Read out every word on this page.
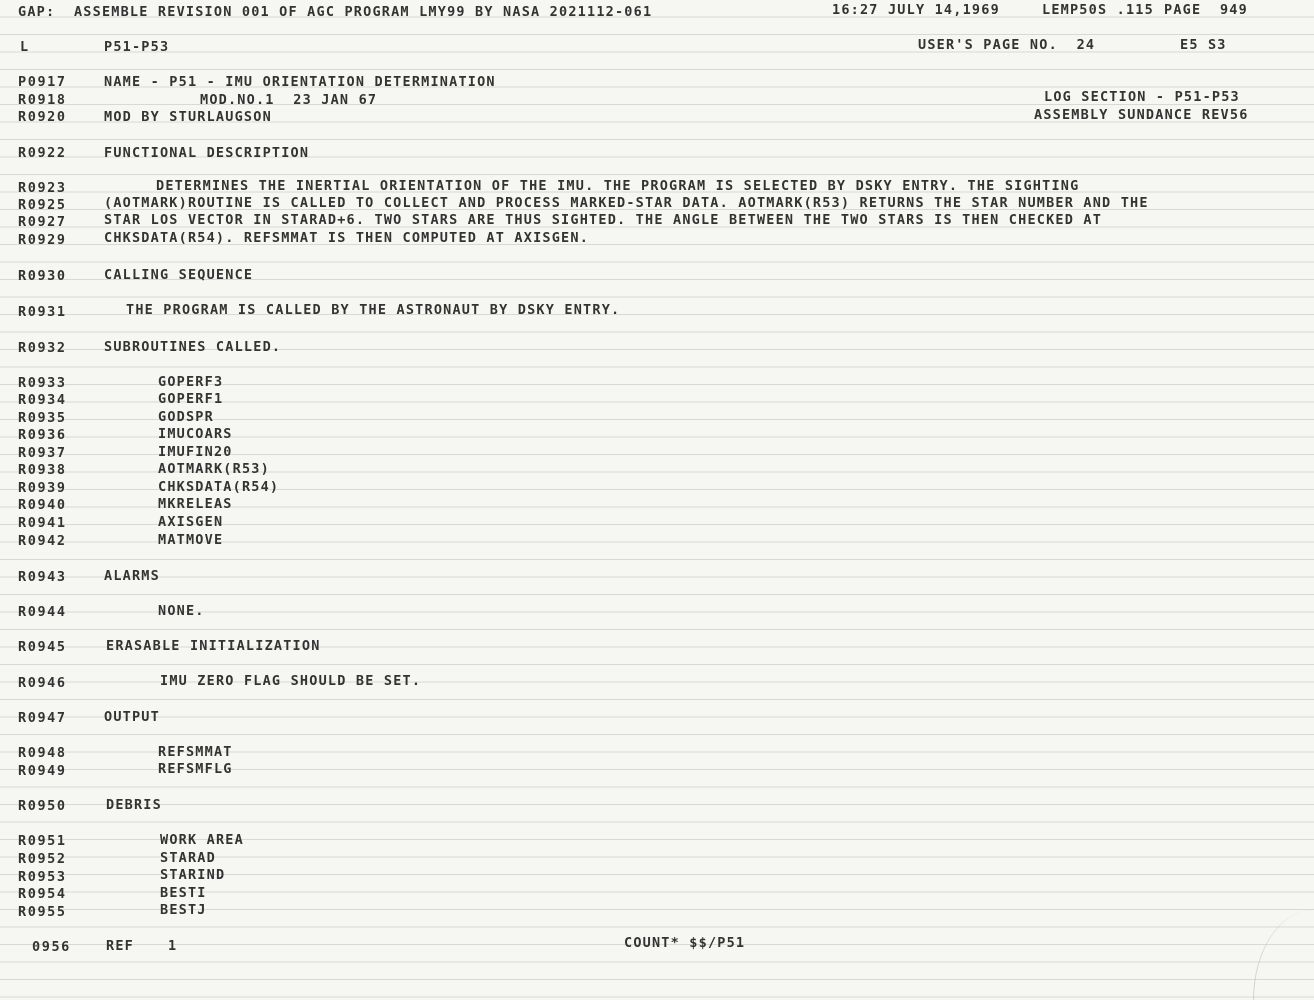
GAP:  ASSEMBLE REVISION 001 OF AGC PROGRAM LMY99 BY NASA 2021112-061	16:27 JULY 14,1969	LEMP50S .115 PAGE  949
L	P51-P53	USER'S PAGE NO.  24	E5 S3
LOG SECTION - P51-P53
ASSEMBLY SUNDANCE REV56
P0917	NAME - P51 - IMU ORIENTATION DETERMINATION
R0918	MOD.NO.1  23 JAN 67
R0920	MOD BY STURLAUGSON
R0922	FUNCTIONAL DESCRIPTION
R0923	DETERMINES THE INERTIAL ORIENTATION OF THE IMU. THE PROGRAM IS SELECTED BY DSKY ENTRY. THE SIGHTING
R0925	(AOTMARK)ROUTINE IS CALLED TO COLLECT AND PROCESS MARKED-STAR DATA. AOTMARK(R53) RETURNS THE STAR NUMBER AND THE
R0927	STAR LOS VECTOR IN STARAD+6. TWO STARS ARE THUS SIGHTED. THE ANGLE BETWEEN THE TWO STARS IS THEN CHECKED AT
R0929	CHKSDATA(R54). REFSMMAT IS THEN COMPUTED AT AXISGEN.
R0930	CALLING SEQUENCE
R0931	THE PROGRAM IS CALLED BY THE ASTRONAUT BY DSKY ENTRY.
R0932	SUBROUTINES CALLED.
R0933	GOPERF3
R0934	GOPERF1
R0935	GODSPR
R0936	IMUCOARS
R0937	IMUFIN20
R0938	AOTMARK(R53)
R0939	CHKSDATA(R54)
R0940	MKRELEAS
R0941	AXISGEN
R0942	MATMOVE
R0943	ALARMS
R0944	NONE.
R0945	ERASABLE INITIALIZATION
R0946	IMU ZERO FLAG SHOULD BE SET.
R0947	OUTPUT
R0948	REFSMMAT
R0949	REFSMFLG
R0950	DEBRIS
R0951	WORK AREA
R0952	STARAD
R0953	STARIND
R0954	BESTI
R0955	BESTJ
0956	REF	1	COUNT* $$/P51
